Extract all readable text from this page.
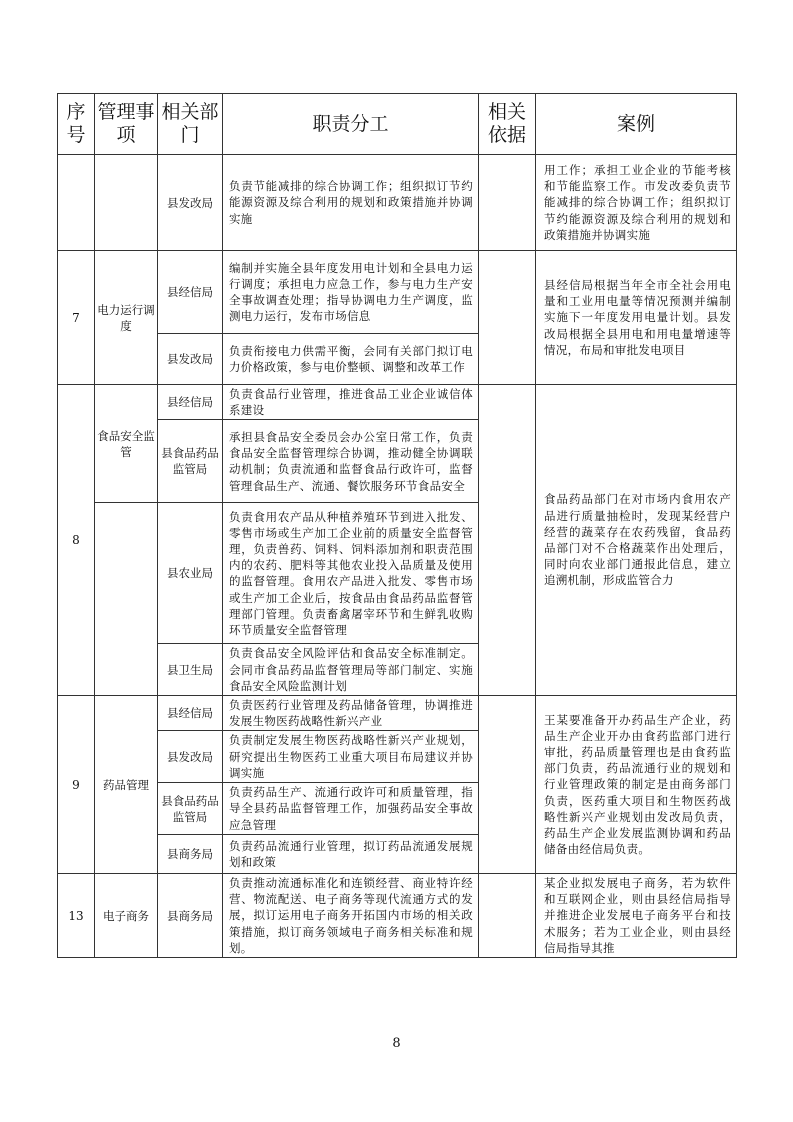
序号	管理事项	相关部门	职责分工	相关依据	案例
		县发改局	负责节能减排的综合协调工作；组织拟订节约能源资源及综合利用的规划和政策措施并协调实施		用工作；承担工业企业的节能考核和节能监察工作。市发改委负责节能减排的综合协调工作；组织拟订节约能源资源及综合利用的规划和政策措施并协调实施
7	电力运行调度	县经信局	编制并实施全县年度发用电计划和全县电力运行调度；承担电力应急工作，参与电力生产安全事故调查处理；指导协调电力生产调度，监测电力运行，发布市场信息		县经信局根据当年全市全社会用电量和工业用电量等情况预测并编制实施下一年度发用电量计划。县发改局根据全县用电和用电量增速等情况，布局和审批发电项目
		县发改局	负责衔接电力供需平衡，会同有关部门拟订电力价格政策，参与电价整顿、调整和改革工作		
8	食品安全监管	县经信局	负责食品行业管理，推进食品工业企业诚信体系建设		食品药品部门在对市场内食用农产品进行质量抽检时，发现某经营户经营的蔬菜存在农药残留，食品药品部门对不合格蔬菜作出处理后，同时向农业部门通报此信息，建立追溯机制，形成监管合力
		县食品药品监管局	承担县食品安全委员会办公室日常工作，负责食品安全监督管理综合协调，推动健全协调联动机制；负责流通和监督食品行政许可，监督管理食品生产、流通、餐饮服务环节食品安全		
		县农业局	负责食用农产品从种植养殖环节到进入批发、零售市场或生产加工企业前的质量安全监督管理，负责兽药、饲料、饲料添加剂和职责范围内的农药、肥料等其他农业投入品质量及使用的监督管理。食用农产品进入批发、零售市场或生产加工企业后，按食品由食品药品监督管理部门管理。负责畜禽屠宰环节和生鲜乳收购环节质量安全监督管理		
		县卫生局	负责食品安全风险评估和食品安全标准制定。会同市食品药品监督管理局等部门制定、实施食品安全风险监测计划		
9	药品管理	县经信局	负责医药行业管理及药品储备管理，协调推进发展生物医药战略性新兴产业		王某要准备开办药品生产企业，药品生产企业开办由食药监部门进行审批，药品质量管理也是由食药监部门负责，药品流通行业的规划和行业管理政策的制定是由商务部门负责，医药重大项目和生物医药战略性新兴产业规划由发改局负责，药品生产企业发展监测协调和药品储备由经信局负责。
		县发改局	负责制定发展生物医药战略性新兴产业规划，研究提出生物医药工业重大项目布局建议并协调实施		
		县食品药品监管局	负责药品生产、流通行政许可和质量管理，指导全县药品监督管理工作，加强药品安全事故应急管理		
		县商务局	负责药品流通行业管理，拟订药品流通发展规划和政策		
13	电子商务	县商务局	负责推动流通标准化和连锁经营、商业特许经营、物流配送、电子商务等现代流通方式的发展，拟订运用电子商务开拓国内市场的相关政策措施，拟订商务领域电子商务相关标准和规划。		某企业拟发展电子商务，若为软件和互联网企业，则由县经信局指导并推进企业发展电子商务平台和技术服务；若为工业企业，则由县经信局指导其推
8
